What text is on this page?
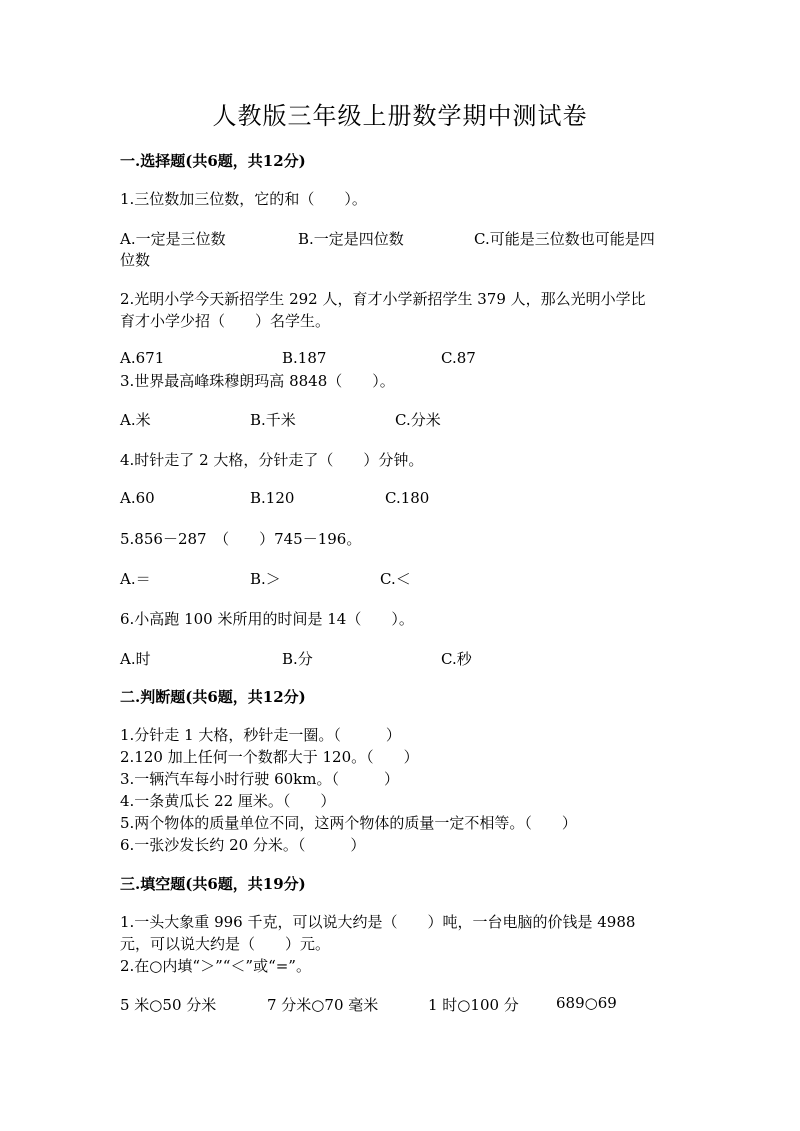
人教版三年级上册数学期中测试卷
一.选择题(共6题，共12分)
1.三位数加三位数，它的和（　　）。
A.一定是三位数	B.一定是四位数	C.可能是三位数也可能是四
位数
2.光明小学今天新招学生 292 人，育才小学新招学生 379 人，那么光明小学比
育才小学少招（　　）名学生。
A.671	B.187	C.87
3.世界最高峰珠穆朗玛高 8848（　　）。
A.米	B.千米	C.分米
4.时针走了 2 大格，分针走了（　　）分钟。
A.60	B.120	C.180
5.856－287　（　　）745－196。
A.＝	B.＞	C.＜
6.小高跑 100 米所用的时间是 14（　　）。
A.时	B.分	C.秒
二.判断题(共6题，共12分)
1.分针走 1 大格，秒针走一圈。（　　　）
2.120 加上任何一个数都大于 120。（　　）
3.一辆汽车每小时行驶 60km。（　　　）
4.一条黄瓜长 22 厘米。（　　）
5.两个物体的质量单位不同，这两个物体的质量一定不相等。（　　）
6.一张沙发长约 20 分米。（　　　）
三.填空题(共6题，共19分)
1.一头大象重 996 千克，可以说大约是（　　）吨，一台电脑的价钱是 4988
元，可以说大约是（　　）元。
2.在○内填“＞”“＜”或“=”。
5 米○50 分米	7 分米○70 毫米	1 时○100 分 689○69
